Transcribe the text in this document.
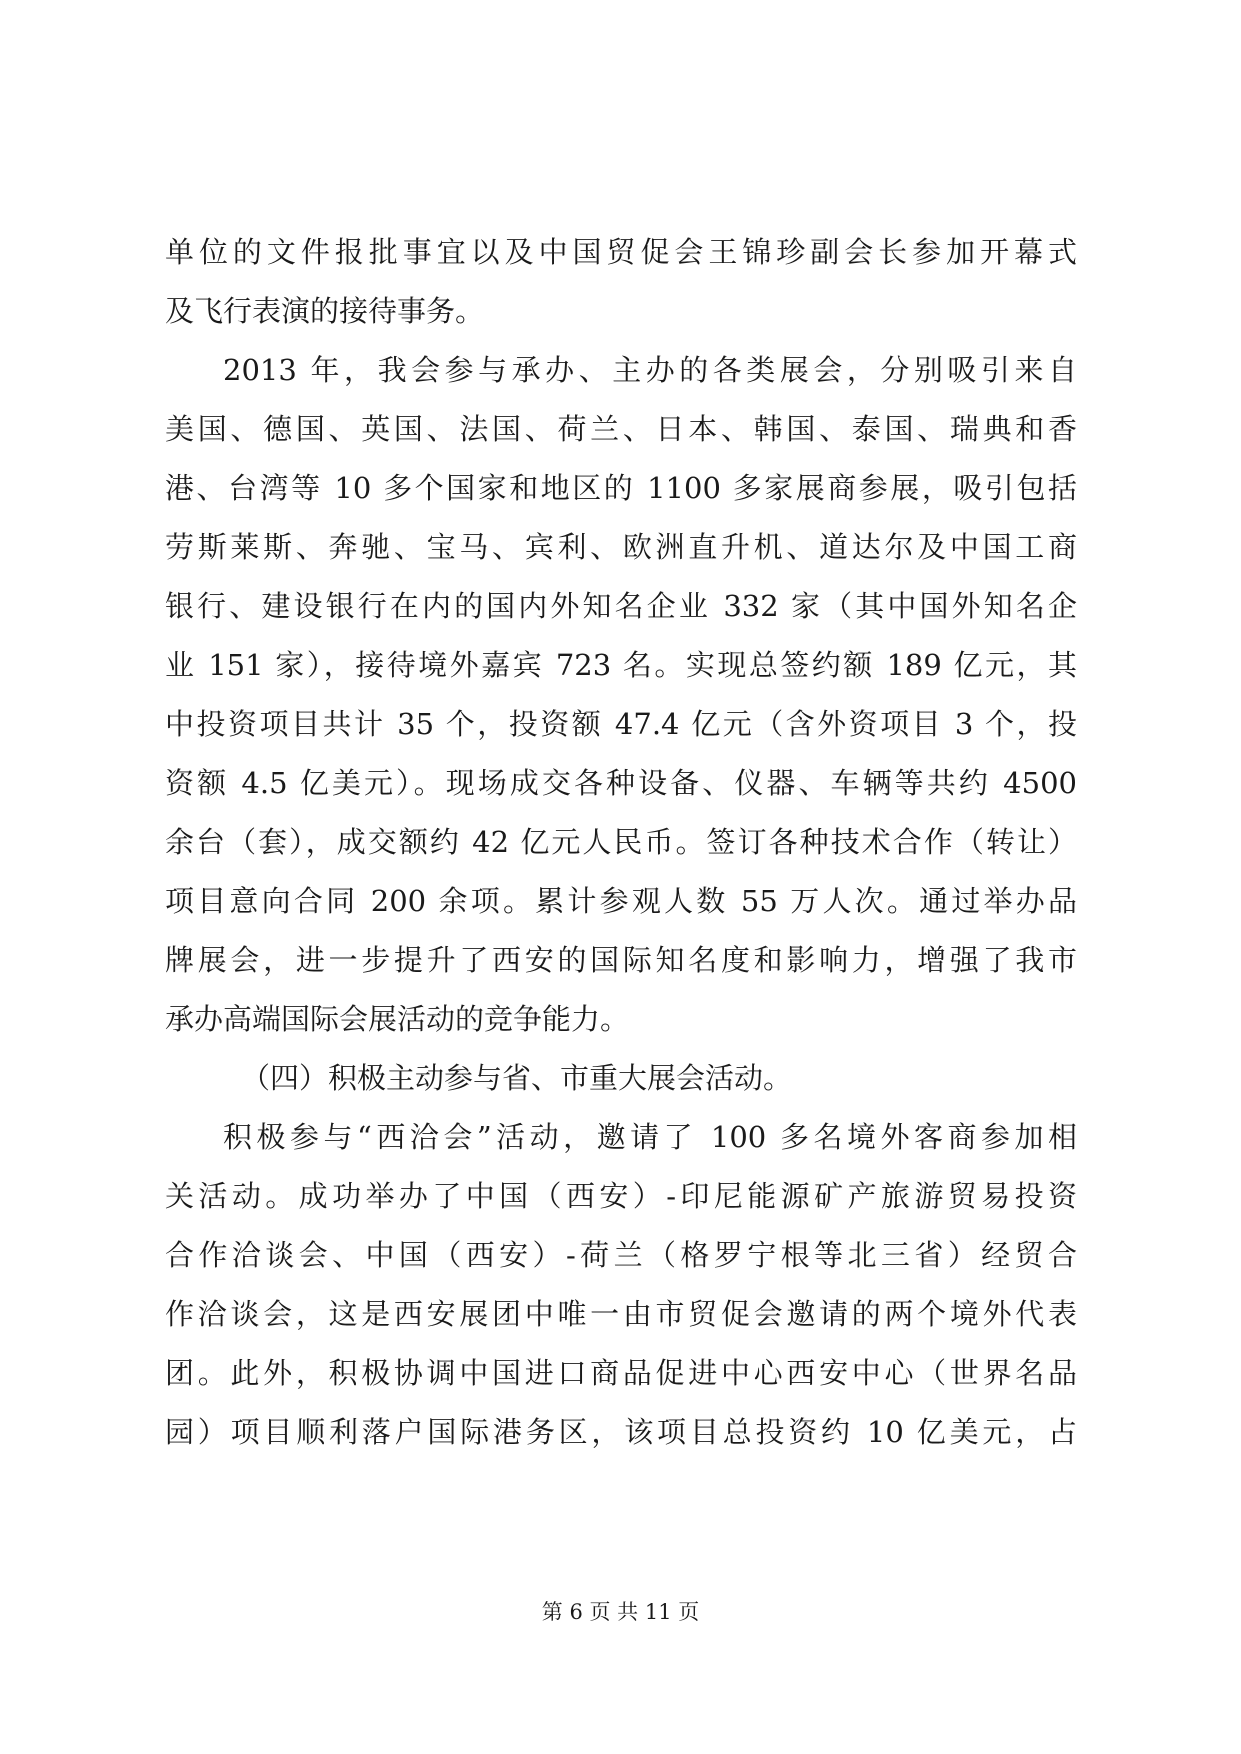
单位的文件报批事宜以及中国贸促会王锦珍副会长参加开幕式
及飞行表演的接待事务。
2013 年，我会参与承办、主办的各类展会，分别吸引来自
美国、德国、英国、法国、荷兰、日本、韩国、泰国、瑞典和香
港、台湾等 10 多个国家和地区的 1100 多家展商参展，吸引包括
劳斯莱斯、奔驰、宝马、宾利、欧洲直升机、道达尔及中国工商
银行、建设银行在内的国内外知名企业 332 家（其中国外知名企
业 151 家），接待境外嘉宾 723 名。实现总签约额 189 亿元，其
中投资项目共计 35 个，投资额 47.4 亿元（含外资项目 3 个，投
资额 4.5 亿美元）。现场成交各种设备、仪器、车辆等共约 4500
余台（套），成交额约 42 亿元人民币。签订各种技术合作（转让）
项目意向合同 200 余项。累计参观人数 55 万人次。通过举办品
牌展会，进一步提升了西安的国际知名度和影响力，增强了我市
承办高端国际会展活动的竞争能力。
（四）积极主动参与省、市重大展会活动。
积极参与“西洽会”活动，邀请了 100 多名境外客商参加相
关活动。成功举办了中国（西安）-印尼能源矿产旅游贸易投资
合作洽谈会、中国（西安）-荷兰（格罗宁根等北三省）经贸合
作洽谈会，这是西安展团中唯一由市贸促会邀请的两个境外代表
团。此外，积极协调中国进口商品促进中心西安中心（世界名品
园）项目顺利落户国际港务区，该项目总投资约 10 亿美元，占
第 6 页 共 11 页
